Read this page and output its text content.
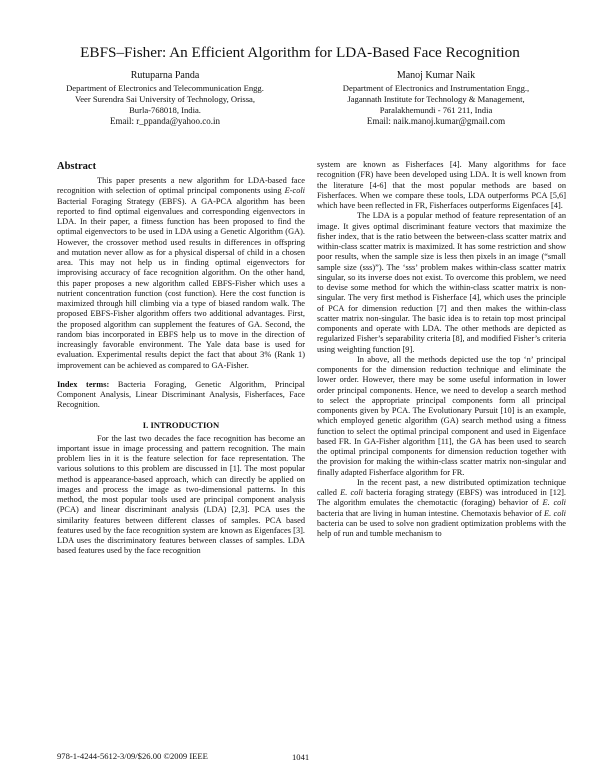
EBFS–Fisher: An Efficient Algorithm for LDA-Based Face Recognition
Rutuparna Panda
Department of Electronics and Telecommunication Engg.
Veer Surendra Sai University of Technology, Orissa,
Burla-768018, India.
Email: r_ppanda@yahoo.co.in
Manoj Kumar Naik
Department of Electronics and Instrumentation Engg.,
Jagannath Institute for Technology & Management,
Paralakhemundi - 761 211, India
Email: naik.manoj.kumar@gmail.com
Abstract

This paper presents a new algorithm for LDA-based face recognition with selection of optimal principal components using E-coli Bacterial Foraging Strategy (EBFS). A GA-PCA algorithm has been reported to find optimal eigenvalues and corresponding eigenvectors in LDA. In their paper, a fitness function has been proposed to find the optimal eigenvectors to be used in LDA using a Genetic Algorithm (GA). However, the crossover method used results in differences in offspring and mutation never allow as for a physical dispersal of child in a chosen area. This may not help us in finding optimal eigenvectors for improvising accuracy of face recognition algorithm. On the other hand, this paper proposes a new algorithm called EBFS-Fisher which uses a nutrient concentration function (cost function). Here the cost function is maximized through hill climbing via a type of biased random walk. The proposed EBFS-Fisher algorithm offers two additional advantages. First, the proposed algorithm can supplement the features of GA. Second, the random bias incorporated in EBFS help us to move in the direction of increasingly favorable environment. The Yale data base is used for evaluation. Experimental results depict the fact that about 3% (Rank 1) improvement can be achieved as compared to GA-Fisher.

Index terms: Bacteria Foraging, Genetic Algorithm, Principal Component Analysis, Linear Discriminant Analysis, Fisherfaces, Face Recognition.

I. INTRODUCTION

For the last two decades the face recognition has become an important issue in image processing and pattern recognition. The main problem lies in it is the feature selection for face representation. The various solutions to this problem are discussed in [1]. The most popular method is appearance-based approach, which can directly be applied on images and process the image as two-dimensional patterns. In this method, the most popular tools used are principal component analysis (PCA) and linear discriminant analysis (LDA) [2,3]. PCA uses the similarity features between different classes of samples. PCA based features used by the face recognition system are known as Eigenfaces [3]. LDA uses the discriminatory features between classes of samples. LDA based features used by the face recognition

system are known as Fisherfaces [4]. Many algorithms for face recognition (FR) have been developed using LDA. It is well known from the literature [4-6] that the most popular methods are based on Fisherfaces. When we compare these tools, LDA outperforms PCA [5,6] which have been reflected in FR, Fisherfaces outperforms Eigenfaces [4].

The LDA is a popular method of feature representation of an image. It gives optimal discriminant feature vectors that maximize the fisher index, that is the ratio between the between-class scatter matrix and within-class scatter matrix is maximized. It has some restriction and show poor results, when the sample size is less then pixels in an image (“small sample size (sss)”). The ‘sss’ problem makes within-class scatter matrix singular, so its inverse does not exist. To overcome this problem, we need to devise some method for which the within-class scatter matrix is non-singular. The very first method is Fisherface [4], which uses the principle of PCA for dimension reduction [7] and then makes the within-class scatter matrix non-singular. The basic idea is to retain top most principal components and operate with LDA. The other methods are depicted as regularized Fisher’s separability criteria [8], and modified Fisher’s criteria using weighting function [9].

In above, all the methods depicted use the top ‘n’ principal components for the dimension reduction technique and eliminate the lower order. However, there may be some useful information in lower order principal components. Hence, we need to develop a search method to select the appropriate principal components form all principal components given by PCA. The Evolutionary Pursuit [10] is an example, which employed genetic algorithm (GA) search method using a fitness function to select the optimal principal component and used in Eigenface based FR. In GA-Fisher algorithm [11], the GA has been used to search the optimal principal components for dimension reduction together with the provision for making the within-class scatter matrix non-singular and finally adapted Fisherface algorithm for FR.

In the recent past, a new distributed optimization technique called E. coli bacteria foraging strategy (EBFS) was introduced in [12]. The algorithm emulates the chemotactic (foraging) behavior of E. coli bacteria that are living in human intestine. Chemotaxis behavior of E. coli bacteria can be used to solve non gradient optimization problems with the help of run and tumble mechanism to

978-1-4244-5612-3/09/$26.00 ©2009 IEEE	1041
